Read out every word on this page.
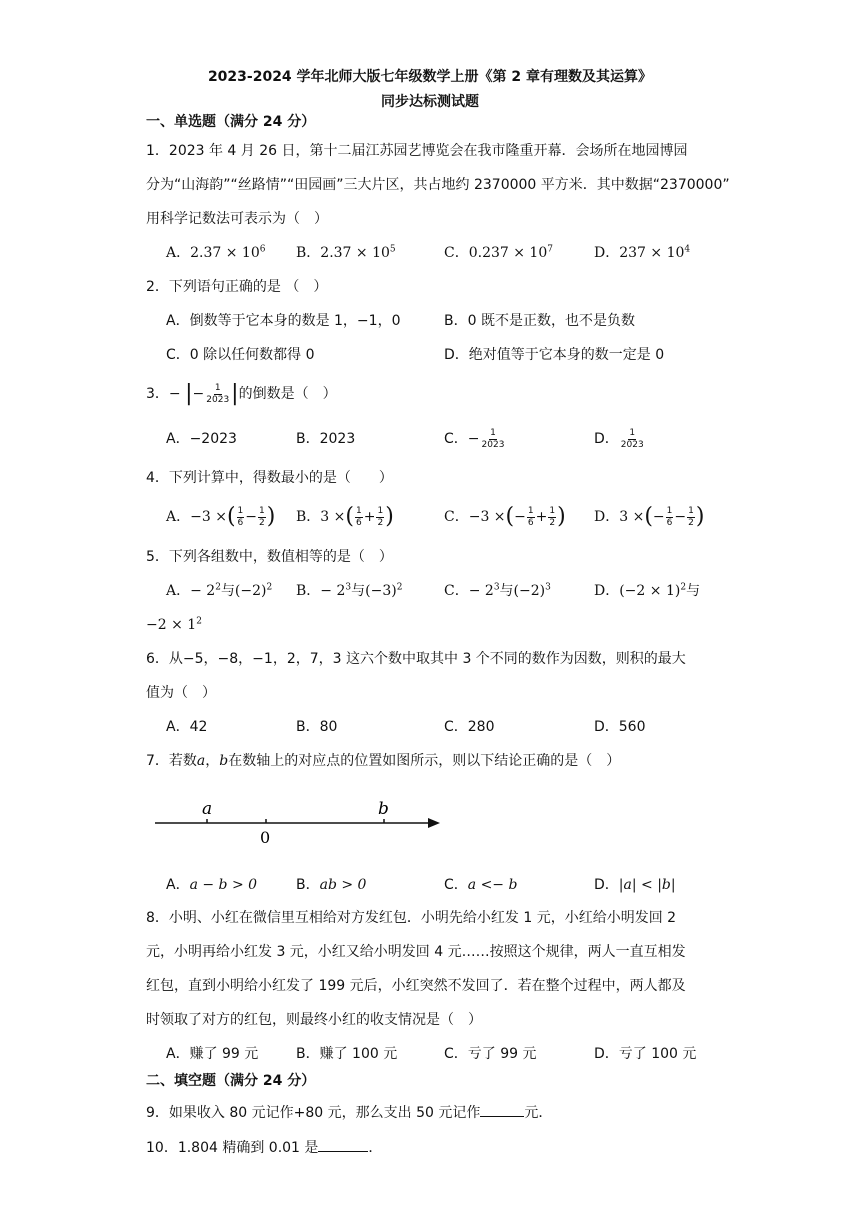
2023-2024 学年北师大版七年级数学上册《第 2 章有理数及其运算》
同步达标测试题
一、单选题（满分 24 分）
1．2023 年 4 月 26 日，第十二届江苏园艺博览会在我市隆重开幕．会场所在地园博园
分为“山海韵”“丝路情”“田园画”三大片区，共占地约 2370000 平方米．其中数据“2370000”
用科学记数法可表示为（　）
A．$2.37 \times 10^6$ B．$2.37 \times 10^5$	C．$0.237 \times 10^7$	D．$237 \times 10^4$
2．下列语句正确的是 （　）
A．倒数等于它本身的数是 1，−1，0	B．0 既不是正数，也不是负数
C．0 除以任何数都得 0	D．绝对值等于它本身的数一定是 0
3．− |− $\frac{1}{2023}$ |的倒数是（　）
A．−2023	B．2023	C．− $\frac{1}{2023}$	D． $\frac{1}{2023}$
4．下列计算中，得数最小的是（　　）
A．−3 ×( $\frac{1}{6} - \frac{1}{2}$ ) B．3 ×( $\frac{1}{6} + \frac{1}{2}$ )	C．−3 ×(− $\frac{1}{6} + \frac{1}{2}$ ) D．3 ×(− $\frac{1}{6} - \frac{1}{2}$ )
5．下列各组数中，数值相等的是（　）
A．− $2^2$与$(-2)^2$ B．− $2^3$与$(-3)^2$	C．− $2^3$与$(-2)^3$	D．$(-2 \times 1)^2$与
$-2 \times 1^2$
6．从−5，−8，−1，2，7，3 这六个数中取其中 3 个不同的数作为因数，则积的最大
值为（　）
A．42	B．80	C．280	D．560
7．若数a，b在数轴上的对应点的位置如图所示，则以下结论正确的是（　）
a	b
0
A．a − b > 0	B．ab > 0	C．a <− b	D．|a| < |b|
8．小明、小红在微信里互相给对方发红包．小明先给小红发 1 元，小红给小明发回 2
元，小明再给小红发 3 元，小红又给小明发回 4 元……按照这个规律，两人一直互相发
红包，直到小明给小红发了 199 元后，小红突然不发回了．若在整个过程中，两人都及
时领取了对方的红包，则最终小红的收支情况是（　）
A．赚了 99 元	B．赚了 100 元	C．亏了 99 元	D．亏了 100 元
二、填空题（满分 24 分）
9．如果收入 80 元记作+80 元，那么支出 50 元记作	元．
10．1.804 精确到 0.01 是	．
